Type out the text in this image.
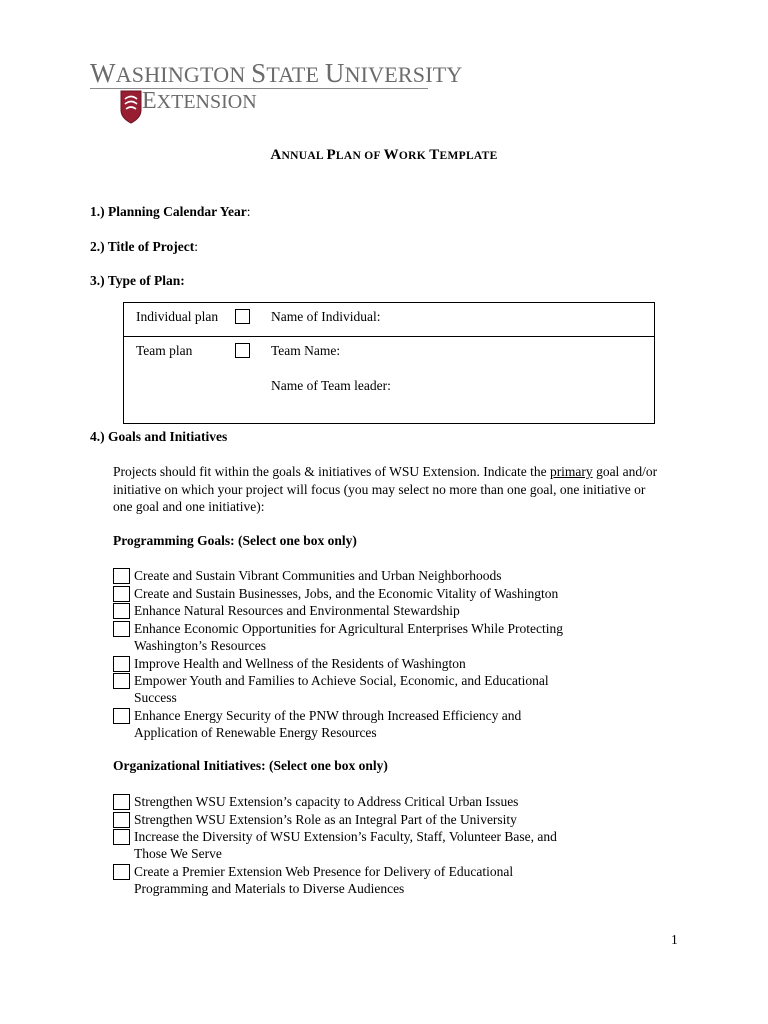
WASHINGTON STATE UNIVERSITY
EXTENSION
ANNUAL PLAN OF WORK TEMPLATE
1.) Planning Calendar Year:
2.) Title of Project:
3.) Type of Plan:
Individual plan	Name of Individual:
Team plan	Team Name:
Name of Team leader:
4.) Goals and Initiatives
Projects should fit within the goals & initiatives of WSU Extension. Indicate the primary goal and/or initiative on which your project will focus (you may select no more than one goal, one initiative or one goal and one initiative):
Programming Goals: (Select one box only)
Create and Sustain Vibrant Communities and Urban Neighborhoods
Create and Sustain Businesses, Jobs, and the Economic Vitality of Washington
Enhance Natural Resources and Environmental Stewardship
Enhance Economic Opportunities for Agricultural Enterprises While Protecting
Washington’s Resources
Improve Health and Wellness of the Residents of Washington
Empower Youth and Families to Achieve Social, Economic, and Educational
Success
Enhance Energy Security of the PNW through Increased Efficiency and
Application of Renewable Energy Resources
Organizational Initiatives: (Select one box only)
Strengthen WSU Extension’s capacity to Address Critical Urban Issues
Strengthen WSU Extension’s Role as an Integral Part of the University
Increase the Diversity of WSU Extension’s Faculty, Staff, Volunteer Base, and
Those We Serve
Create a Premier Extension Web Presence for Delivery of Educational
Programming and Materials to Diverse Audiences
1
